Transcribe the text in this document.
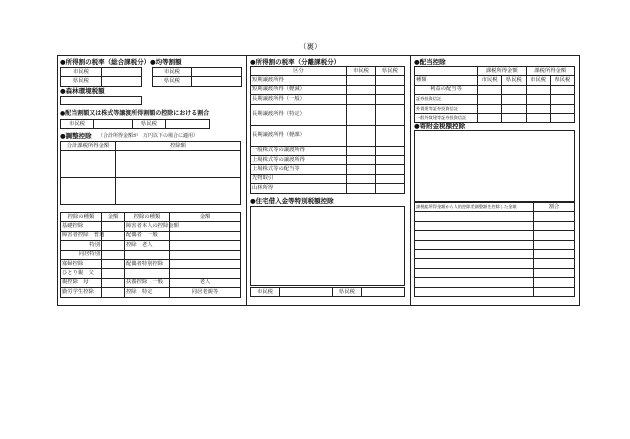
（裏）
●所得割の税率（総合課税分）
市民税	
県民税	
●均等割額
市民税	
県民税	
●森林環境税額
●配当割額又は株式等譲渡所得割額の控除における割合
市民税		県民税	
●調整控除 （合計所得金額が　万円以下の場合に適用）
合計課税所得金額	控除額

控除の種類	金額	控除の種類	金額
基礎控除		障害者本人の控除金額	
障害者控除　普通		配偶者　一般	
特別		控除　老人	
同居特別			
寡婦控除		配偶者特別控除	
ひとり親　父			
親控除　母		扶養控除　一般	老人
勤労学生控除		控除　特定	同居老親等
●所得割の税率（分離課税分）
区分	市民税	県民税
短期譲渡所得		
短期譲渡所得（軽減）		
長期譲渡所得（一般）		
長期譲渡所得（特定）		
長期譲渡所得（軽課）		
一般株式等の譲渡所得		
上場株式等の譲渡所得		
上場株式等の配当等		
先物取引		
山林所得		
●住宅借入金等特別税額控除
市民税		県民税	
●配当控除
	課税所得金額		課税所得金額	
種類	市民税	県民税	市民税	県民税
利益の配当等				
証券投資信託				
外貨建等証券投資信託				
一般外貨建等証券投資信託				
●寄附金税額控除
課税総所得金額から人的控除差調整額を控除した金額	割合
